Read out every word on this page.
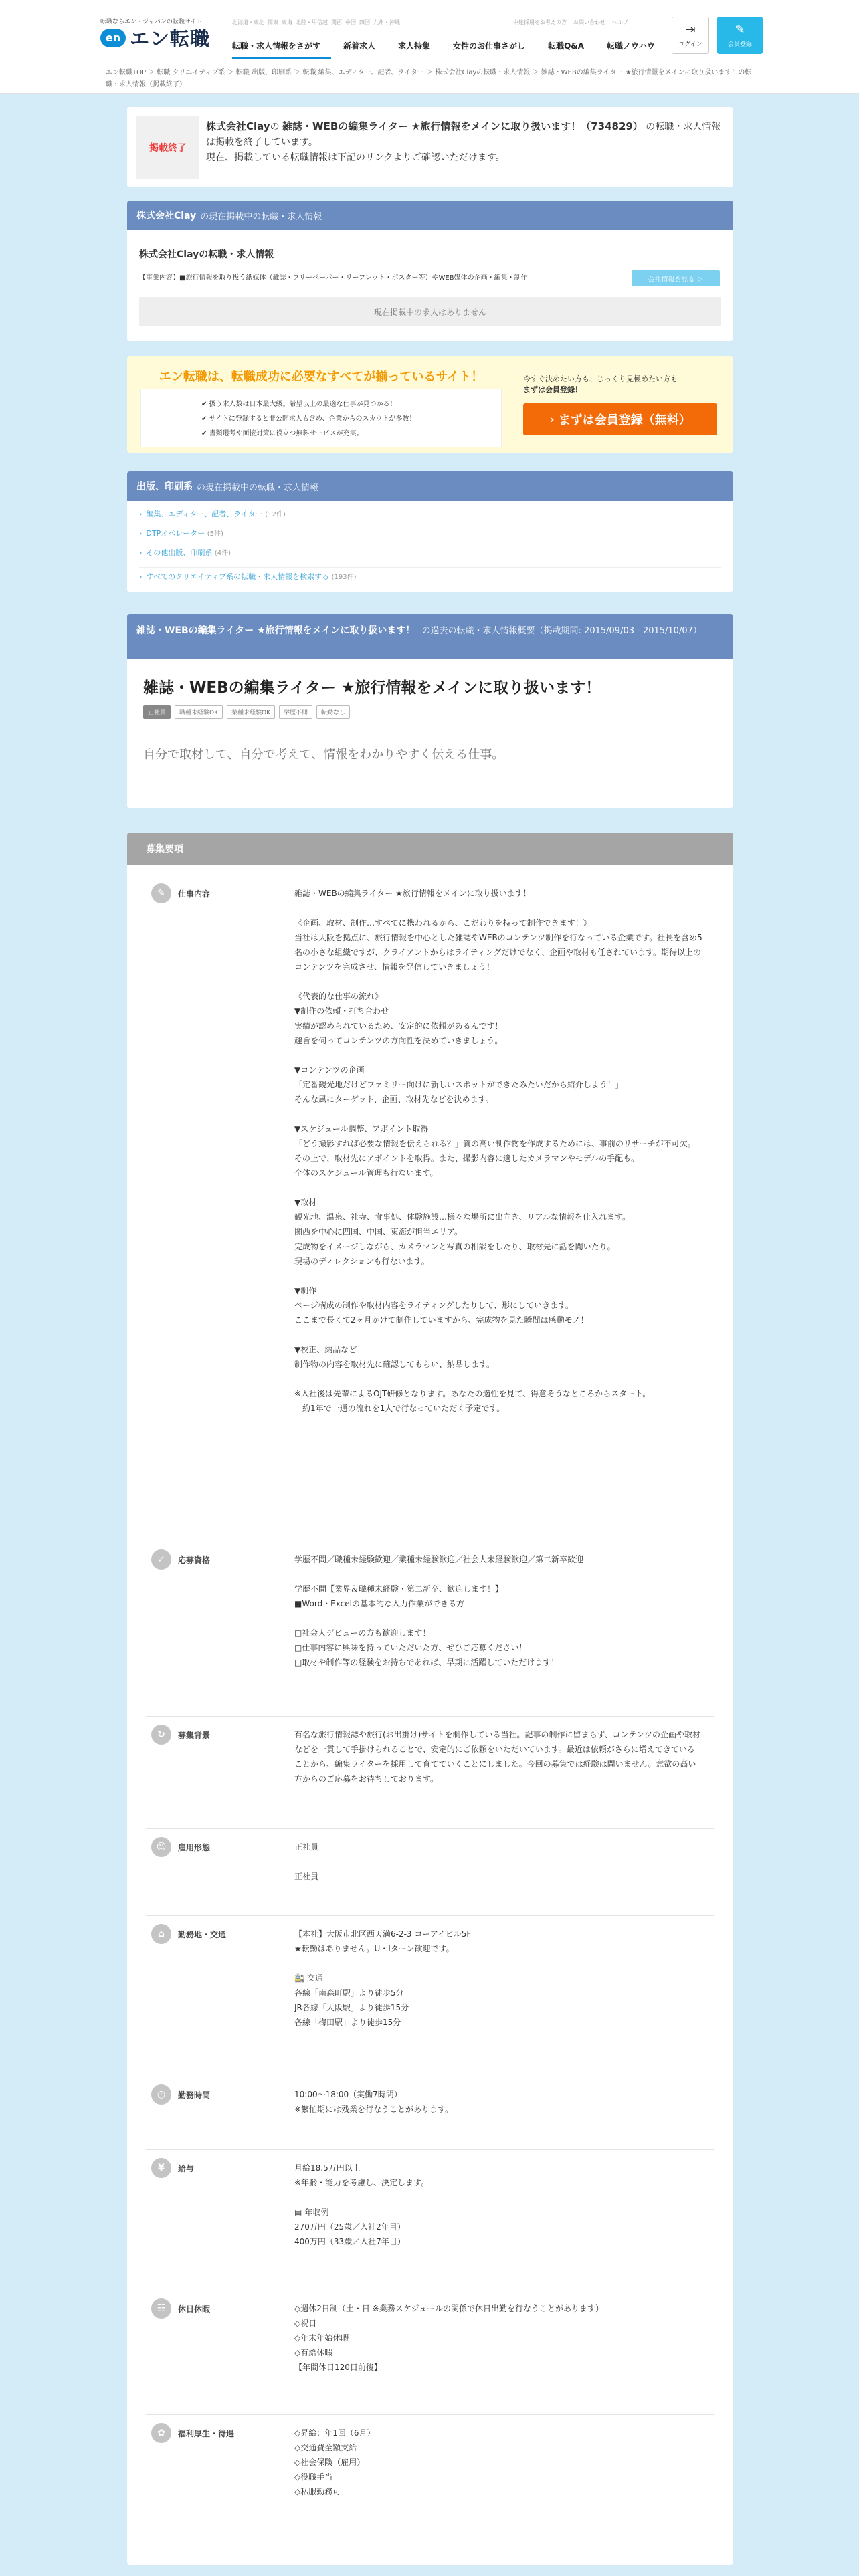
転職ならエン・ジャパンの転職サイト
en エン転職
北海道・東北 関東 東海 北陸・甲信越 関西 中国 四国 九州・沖縄	中途採用をお考えの方 お問い合わせ ヘルプ
転職・求人情報をさがす	新着求人	求人特集	女性のお仕事さがし	転職Q&A	転職ノウハウ
⇥
ログイン
✎
会員登録

エン転職TOP ＞ 転職 クリエイティブ系 ＞ 転職 出版、印刷系 ＞ 転職 編集、エディター、記者、ライター ＞ 株式会社Clayの転職・求人情報 ＞ 雑誌・WEBの編集ライター ★旅行情報をメインに取り扱います！の転職・求人情報（掲載終了）

掲載終了
株式会社Clayの 雑誌・WEBの編集ライター ★旅行情報をメインに取り扱います！（734829） の転職・求人情報は掲載を終了しています。
現在、掲載している転職情報は下記のリンクよりご確認いただけます。
株式会社Clay の現在掲載中の転職・求人情報
株式会社Clayの転職・求人情報
【事業内容】■旅行情報を取り扱う紙媒体（雑誌・フリーペーパー・リーフレット・ポスター等）やWEB媒体の企画・編集・制作	会社情報を見る ＞
現在掲載中の求人はありません
エン転職は、転職成功に必要なすべてが揃っているサイト！
✔ 扱う求人数は日本最大級。希望以上の最適な仕事が見つかる！
✔ サイトに登録すると非公開求人も含め、企業からのスカウトが多数！
✔ 書類選考や面接対策に役立つ無料サービスが充実。
今すぐ決めたい方も、じっくり見極めたい方も
まずは会員登録！
› まずは会員登録（無料）
出版、印刷系 の現在掲載中の転職・求人情報
› 編集、エディター、記者、ライター (12件)
› DTPオペレーター (5件)
› その他出版、印刷系 (4件)
› すべてのクリエイティブ系の転職・求人情報を検索する (193件)
雑誌・WEBの編集ライター ★旅行情報をメインに取り扱います！ の過去の転職・求人情報概要（掲載期間: 2015/09/03 - 2015/10/07）
雑誌・WEBの編集ライター ★旅行情報をメインに取り扱います！
正社員	職種未経験OK	業種未経験OK	学歴不問	転勤なし

自分で取材して、自分で考えて、情報をわかりやすく伝える仕事。

募集要項
✎	仕事内容	雑誌・WEBの編集ライター ★旅行情報をメインに取り扱います！

《企画、取材、制作…すべてに携われるから、こだわりを持って制作できます！》
当社は大阪を拠点に、旅行情報を中心とした雑誌やWEBのコンテンツ制作を行なっている企業です。社長を含め5名の小さな組織ですが、クライアントからはライティングだけでなく、企画や取材も任されています。期待以上のコンテンツを完成させ、情報を発信していきましょう！

《代表的な仕事の流れ》
▼制作の依頼・打ち合わせ
実績が認められているため、安定的に依頼があるんです！
趣旨を伺ってコンテンツの方向性を決めていきましょう。

▼コンテンツの企画
「定番観光地だけどファミリー向けに新しいスポットができたみたいだから紹介しよう！」
そんな風にターゲット、企画、取材先などを決めます。

▼スケジュール調整、アポイント取得
「どう撮影すれば必要な情報を伝えられる？」質の高い制作物を作成するためには、事前のリサーチが不可欠。
その上で、取材先にアポイントを取得。また、撮影内容に適したカメラマンやモデルの手配も。
全体のスケジュール管理も行ないます。

▼取材
観光地、温泉、社寺、食事処、体験施設…様々な場所に出向き、リアルな情報を仕入れます。
関西を中心に四国、中国、東海が担当エリア。
完成物をイメージしながら、カメラマンと写真の相談をしたり、取材先に話を聞いたり。
現場のディレクションも行ないます。

▼制作
ページ構成の制作や取材内容をライティングしたりして、形にしていきます。
ここまで長くて2ヶ月かけて制作していますから、完成物を見た瞬間は感動モノ！

▼校正、納品など
制作物の内容を取材先に確認してもらい、納品します。

※入社後は先輩によるOJT研修となります。あなたの適性を見て、得意そうなところからスタート。
　約1年で一通の流れを1人で行なっていただく予定です。
✓	応募資格	学歴不問／職種未経験歓迎／業種未経験歓迎／社会人未経験歓迎／第二新卒歓迎

学歴不問【業界＆職種未経験・第二新卒、歓迎します！】
■Word・Excelの基本的な入力作業ができる方

□社会人デビューの方も歓迎します！
□仕事内容に興味を持っていただいた方、ぜひご応募ください！
□取材や制作等の経験をお持ちであれば、早期に活躍していただけます！
↻	募集背景	有名な旅行情報誌や旅行(お出掛け)サイトを制作している当社。記事の制作に留まらず、コンテンツの企画や取材などを一貫して手掛けられることで、安定的にご依頼をいただいています。最近は依頼がさらに増えてきていることから、編集ライターを採用して育てていくことにしました。今回の募集では経験は問いません。意欲の高い方からのご応募をお待ちしております。
☺	雇用形態	正社員

正社員
⌂	勤務地・交通	【本社】大阪市北区西天満6-2-3 コーアイビル5F
★転勤はありません。U・Iターン歓迎です。

🚉 交通

各線「南森町駅」より徒歩5分
JR各線「大阪駅」より徒歩15分
各線「梅田駅」より徒歩15分
◷	勤務時間	10:00～18:00（実働7時間）
※繁忙期には残業を行なうことがあります。
¥	給与	月給18.5万円以上
※年齢・能力を考慮し、決定します。

▤ 年収例

270万円（25歳／入社2年目）
400万円（33歳／入社7年目）
☷	休日休暇	◇週休2日制（土・日 ※業務スケジュールの関係で休日出勤を行なうことがあります）
◇祝日
◇年末年始休暇
◇有給休暇
【年間休日120日前後】
✿	福利厚生・待遇	◇昇給：年1回（6月）
◇交通費全額支給
◇社会保険（雇用）
◇役職手当
◇私服勤務可
